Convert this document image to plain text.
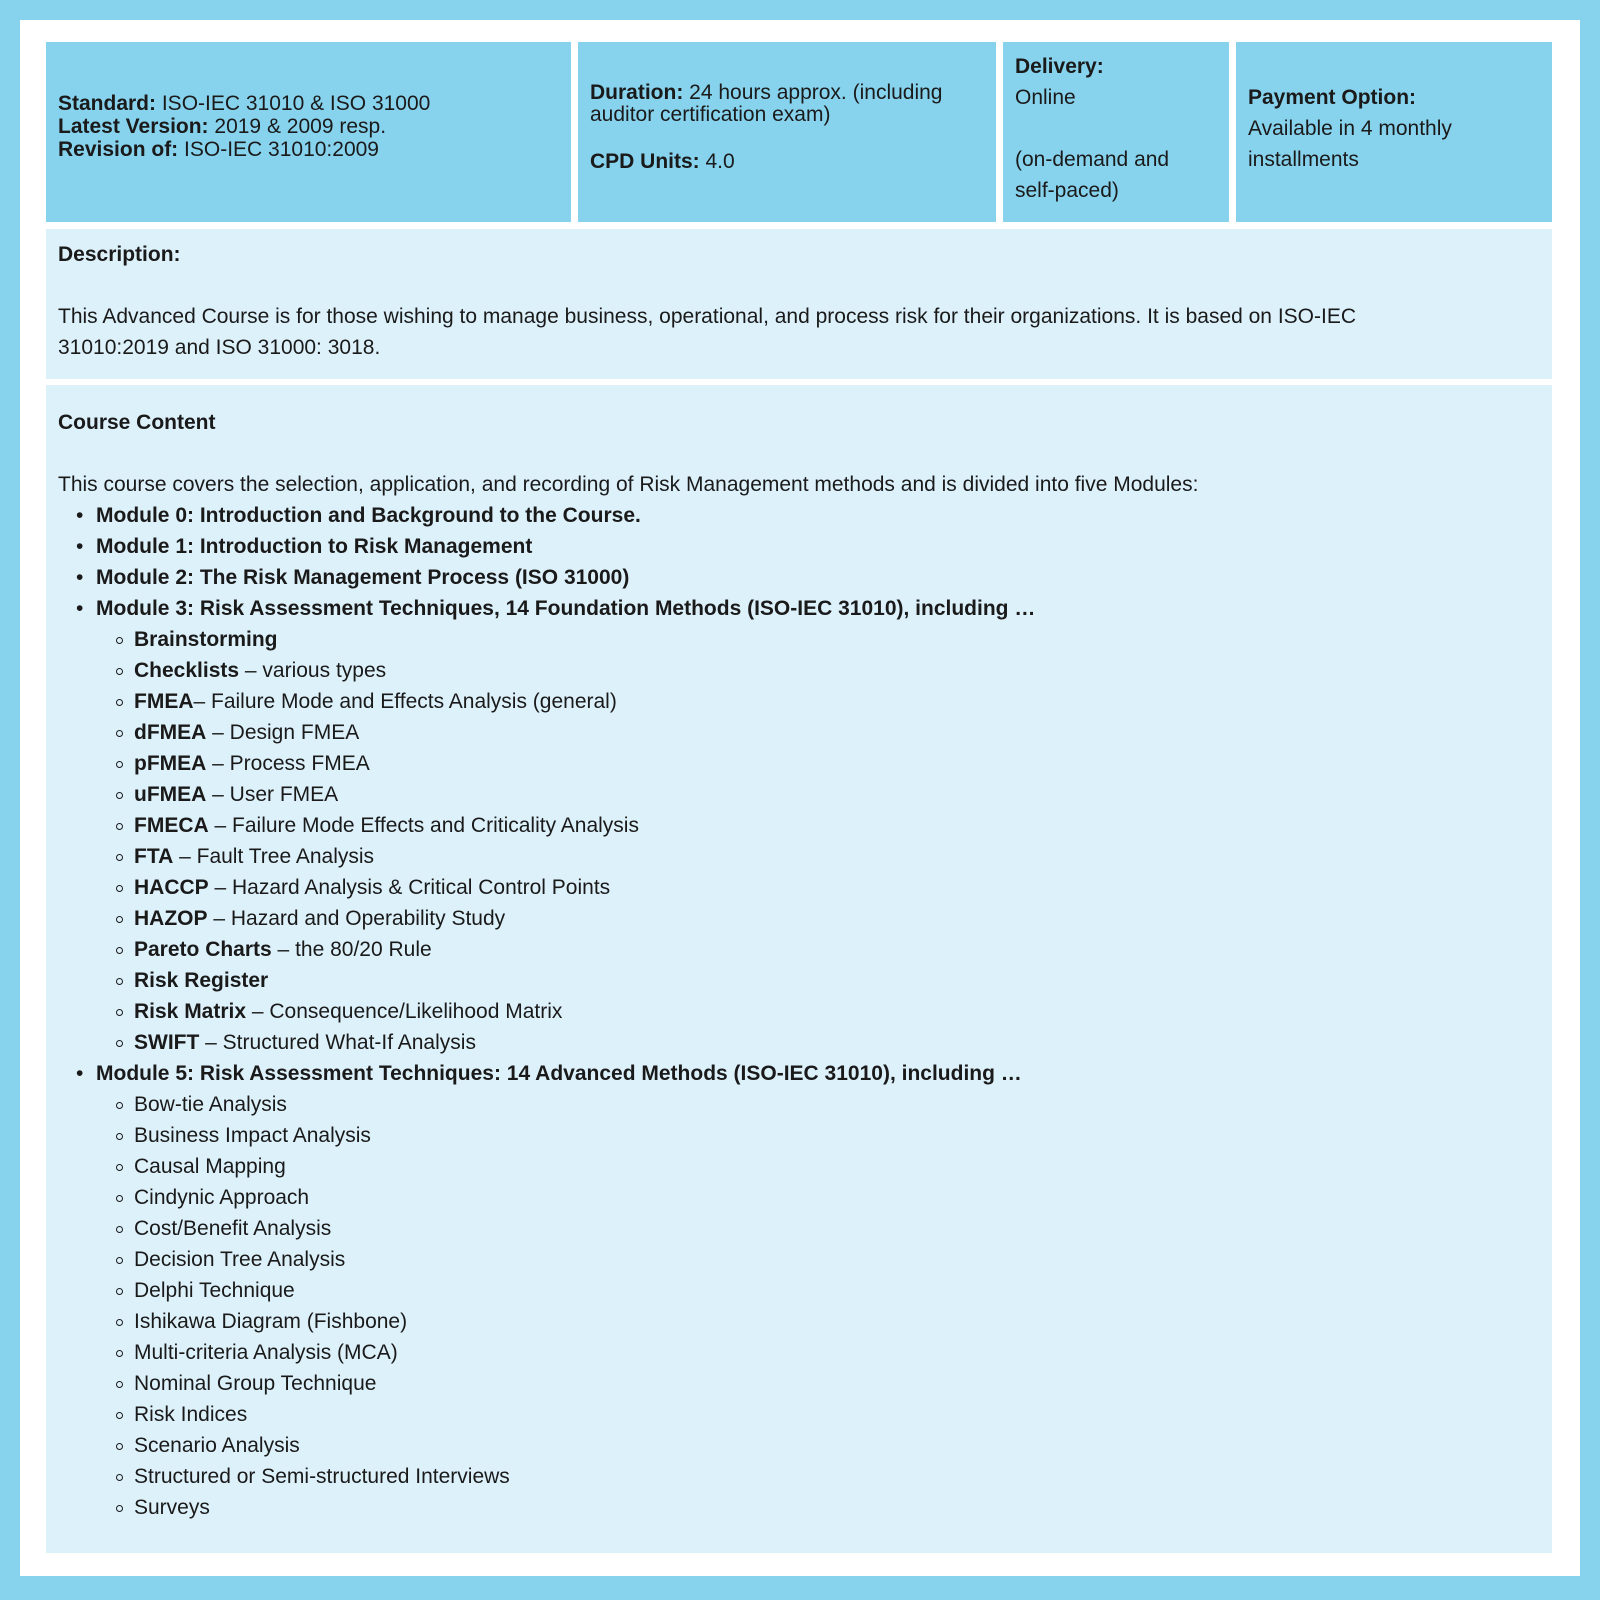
Standard: ISO-IEC 31010 & ISO 31000
Latest Version: 2019 & 2009 resp.
Revision of: ISO-IEC 31010:2009
Duration: 24 hours approx. (including
auditor certification exam)
CPD Units: 4.0
Delivery:
Online
(on-demand and
self-paced)
Payment Option:
Available in 4 monthly
installments
Description:
This Advanced Course is for those wishing to manage business, operational, and process risk for their organizations. It is based on ISO-IEC
31010:2019 and ISO 31000: 3018.
Course Content
This course covers the selection, application, and recording of Risk Management methods and is divided into five Modules:
• Module 0: Introduction and Background to the Course.
• Module 1: Introduction to Risk Management
• Module 2: The Risk Management Process (ISO 31000)
• Module 3: Risk Assessment Techniques, 14 Foundation Methods (ISO-IEC 31010), including …
Brainstorming
Checklists – various types
FMEA– Failure Mode and Effects Analysis (general)
dFMEA – Design FMEA
pFMEA – Process FMEA
uFMEA – User FMEA
FMECA – Failure Mode Effects and Criticality Analysis
FTA – Fault Tree Analysis
HACCP – Hazard Analysis & Critical Control Points
HAZOP – Hazard and Operability Study
Pareto Charts – the 80/20 Rule
Risk Register
Risk Matrix – Consequence/Likelihood Matrix
SWIFT – Structured What-If Analysis
• Module 5: Risk Assessment Techniques: 14 Advanced Methods (ISO-IEC 31010), including …
Bow-tie Analysis
Business Impact Analysis
Causal Mapping
Cindynic Approach
Cost/Benefit Analysis
Decision Tree Analysis
Delphi Technique
Ishikawa Diagram (Fishbone)
Multi-criteria Analysis (MCA)
Nominal Group Technique
Risk Indices
Scenario Analysis
Structured or Semi-structured Interviews
Surveys
